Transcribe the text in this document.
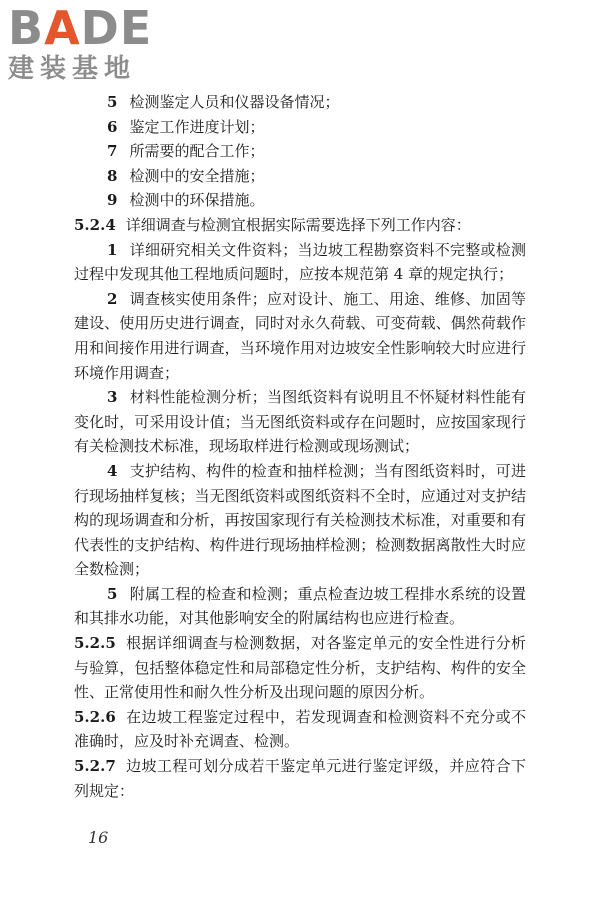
BADE
建装基地

5 检测鉴定人员和仪器设备情况；

6 鉴定工作进度计划；

7 所需要的配合工作；

8 检测中的安全措施；

9 检测中的环保措施。

5.2.4 详细调查与检测宜根据实际需要选择下列工作内容：

1 详细研究相关文件资料；当边坡工程勘察资料不完整或检测过程中发现其他工程地质问题时，应按本规范第 4 章的规定执行；

2 调查核实使用条件；应对设计、施工、用途、维修、加固等建设、使用历史进行调查，同时对永久荷载、可变荷载、偶然荷载作用和间接作用进行调查，当环境作用对边坡安全性影响较大时应进行环境作用调查；

3 材料性能检测分析；当图纸资料有说明且不怀疑材料性能有变化时，可采用设计值；当无图纸资料或存在问题时，应按国家现行有关检测技术标准，现场取样进行检测或现场测试；

4 支护结构、构件的检查和抽样检测；当有图纸资料时，可进行现场抽样复核；当无图纸资料或图纸资料不全时，应通过对支护结构的现场调查和分析，再按国家现行有关检测技术标准，对重要和有代表性的支护结构、构件进行现场抽样检测；检测数据离散性大时应全数检测；

5 附属工程的检查和检测；重点检查边坡工程排水系统的设置和其排水功能，对其他影响安全的附属结构也应进行检查。

5.2.5 根据详细调查与检测数据，对各鉴定单元的安全性进行分析与验算，包括整体稳定性和局部稳定性分析，支护结构、构件的安全性、正常使用性和耐久性分析及出现问题的原因分析。

5.2.6 在边坡工程鉴定过程中，若发现调查和检测资料不充分或不准确时，应及时补充调查、检测。

5.2.7 边坡工程可划分成若干鉴定单元进行鉴定评级，并应符合下列规定：

16
